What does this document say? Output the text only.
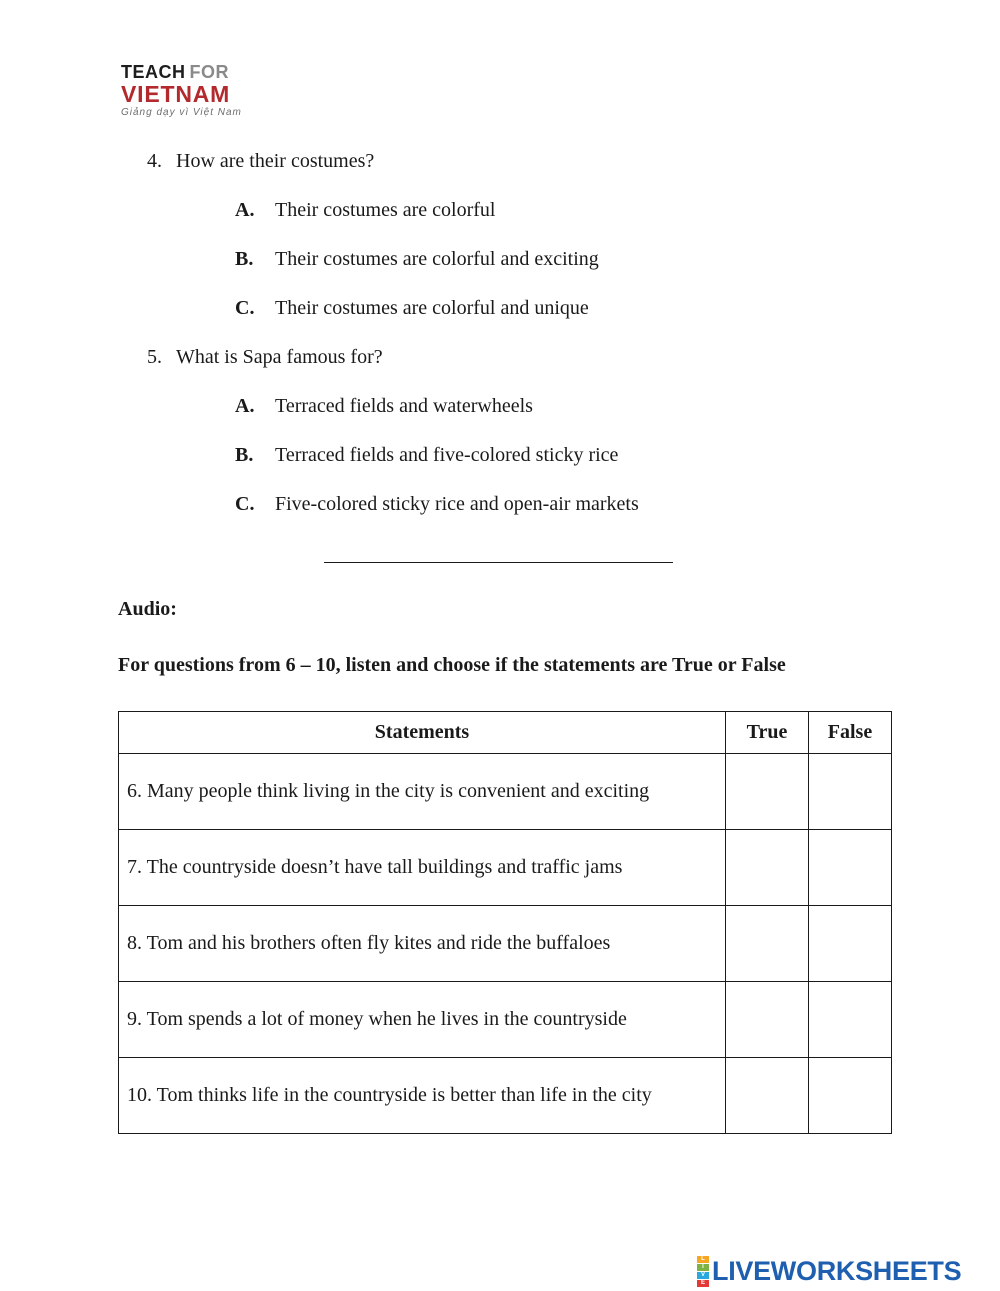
TEACH FOR
VIETNAM
Giảng dạy vì Việt Nam
4. How are their costumes?
A. Their costumes are colorful
B. Their costumes are colorful and exciting
C. Their costumes are colorful and unique
5. What is Sapa famous for?
A. Terraced fields and waterwheels
B. Terraced fields and five-colored sticky rice
C. Five-colored sticky rice and open-air markets
Audio:
For questions from 6 – 10, listen and choose if the statements are True or False
Statements	True	False
6. Many people think living in the city is convenient and exciting		
7. The countryside doesn’t have tall buildings and traffic jams		
8. Tom and his brothers often fly kites and ride the buffaloes		
9. Tom spends a lot of money when he lives in the countryside		
10. Tom thinks life in the countryside is better than life in the city		
L
I
V
E LIVEWORKSHEETS
